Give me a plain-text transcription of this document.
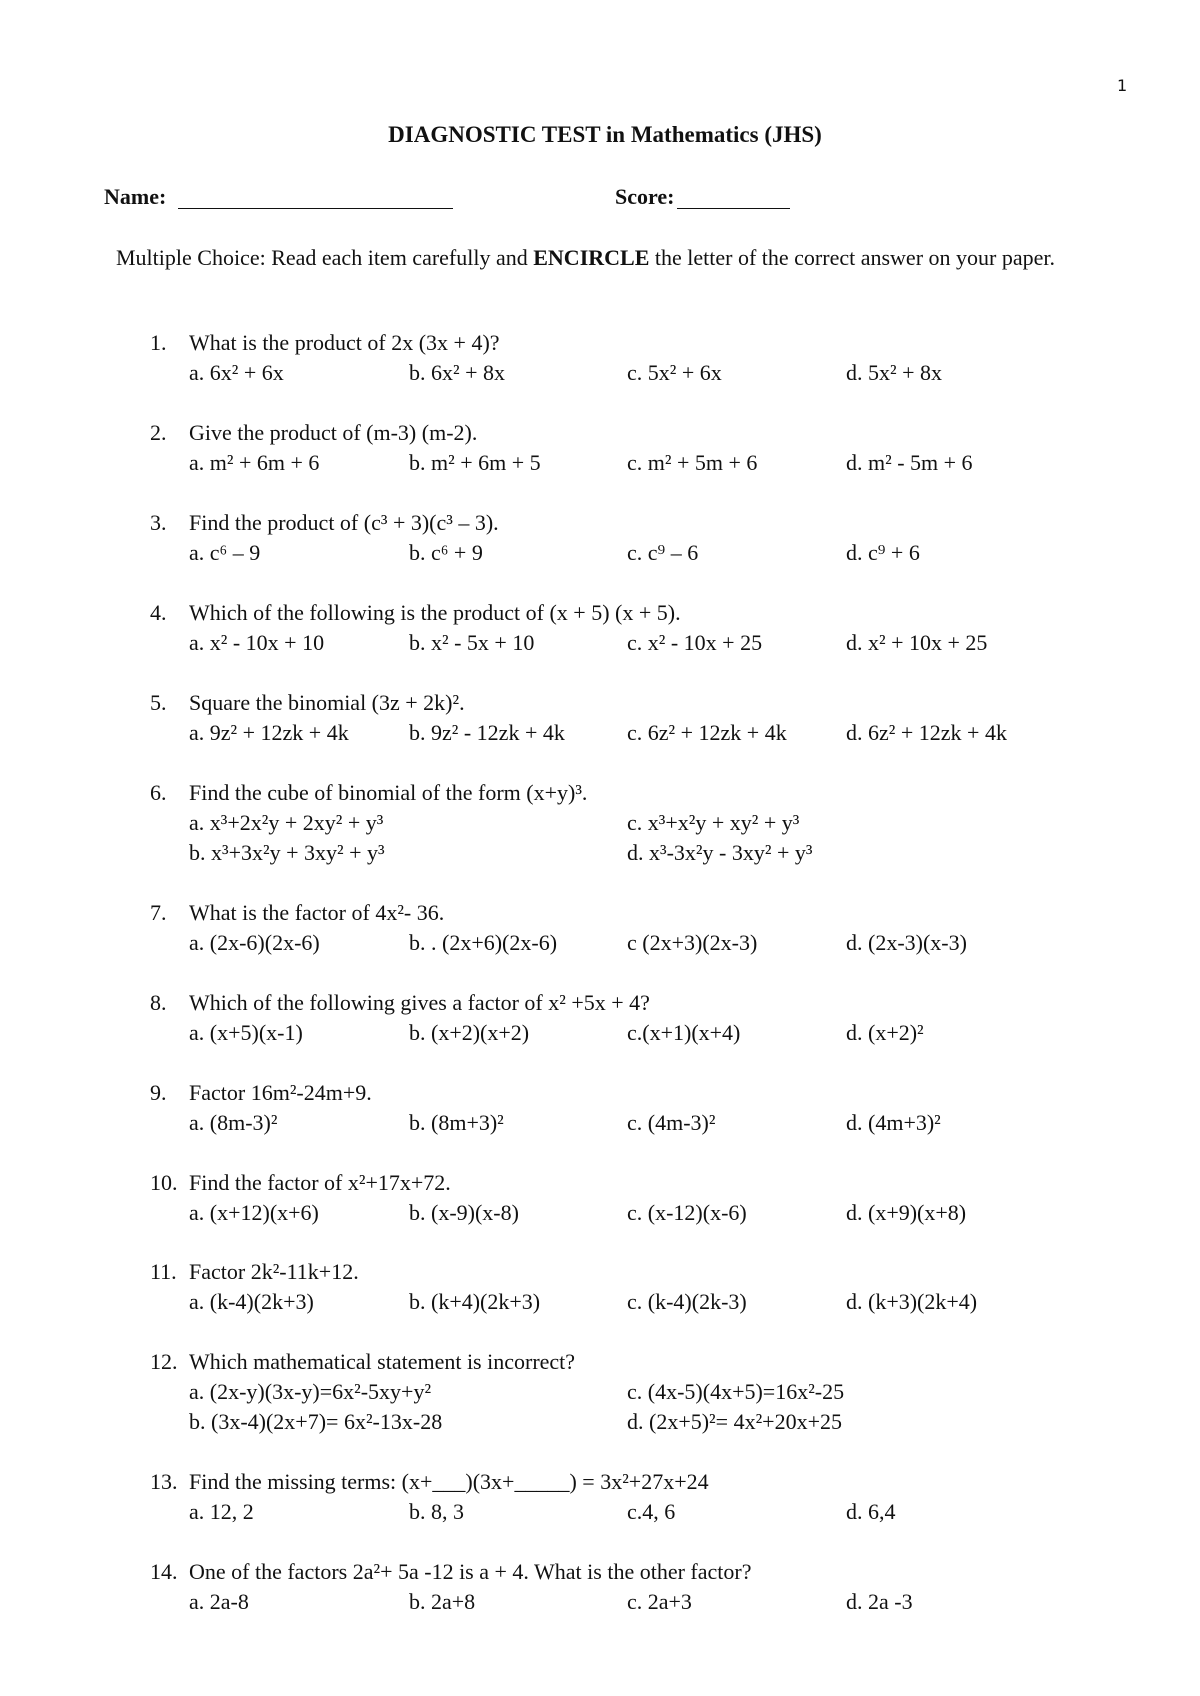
1
DIAGNOSTIC TEST in Mathematics (JHS)
Name:	Score:
Multiple Choice: Read each item carefully and ENCIRCLE the letter of the correct answer on your paper.
1.	What is the product of 2x (3x + 4)?
a. 6x² + 6x	b. 6x² + 8x	c. 5x² + 6x	d. 5x² + 8x
2.	Give the product of (m-3) (m-2).
a. m² + 6m + 6	b. m² + 6m + 5	c. m² + 5m + 6	d. m² - 5m + 6
3.	Find the product of (c³ + 3)(c³ – 3).
a. c⁶ – 9	b. c⁶ + 9	c. c⁹ – 6	d. c⁹ + 6
4.	Which of the following is the product of (x + 5) (x + 5).
a. x² - 10x + 10	b. x² - 5x + 10	c. x² - 10x + 25	d. x² + 10x + 25
5.	Square the binomial (3z + 2k)².
a. 9z² + 12zk + 4k	b. 9z² - 12zk + 4k	c. 6z² + 12zk + 4k	d. 6z² + 12zk + 4k
6.	Find the cube of binomial of the form (x+y)³.
a. x³+2x²y + 2xy² + y³	c. x³+x²y + xy² + y³
b. x³+3x²y + 3xy² + y³	d. x³-3x²y - 3xy² + y³
7.	What is the factor of 4x²- 36.
a. (2x-6)(2x-6)	b. . (2x+6)(2x-6)	c (2x+3)(2x-3)	d. (2x-3)(x-3)
8.	Which of the following gives a factor of x² +5x + 4?
a. (x+5)(x-1)	b. (x+2)(x+2)	c.(x+1)(x+4)	d. (x+2)²
9.	Factor 16m²-24m+9.
a. (8m-3)²	b. (8m+3)²	c. (4m-3)²	d. (4m+3)²
10. Find the factor of x²+17x+72.
a. (x+12)(x+6)	b. (x-9)(x-8)	c. (x-12)(x-6)	d. (x+9)(x+8)
11. Factor 2k²-11k+12.
a. (k-4)(2k+3)	b. (k+4)(2k+3)	c. (k-4)(2k-3)	d. (k+3)(2k+4)
12. Which mathematical statement is incorrect?
a. (2x-y)(3x-y)=6x²-5xy+y²	c. (4x-5)(4x+5)=16x²-25
b. (3x-4)(2x+7)= 6x²-13x-28	d. (2x+5)²= 4x²+20x+25
13. Find the missing terms: (x+___)(3x+_____) = 3x²+27x+24
a. 12, 2	b. 8, 3	c.4, 6	d. 6,4
14. One of the factors 2a²+ 5a -12 is a + 4. What is the other factor?
a. 2a-8	b. 2a+8	c. 2a+3	d. 2a -3
